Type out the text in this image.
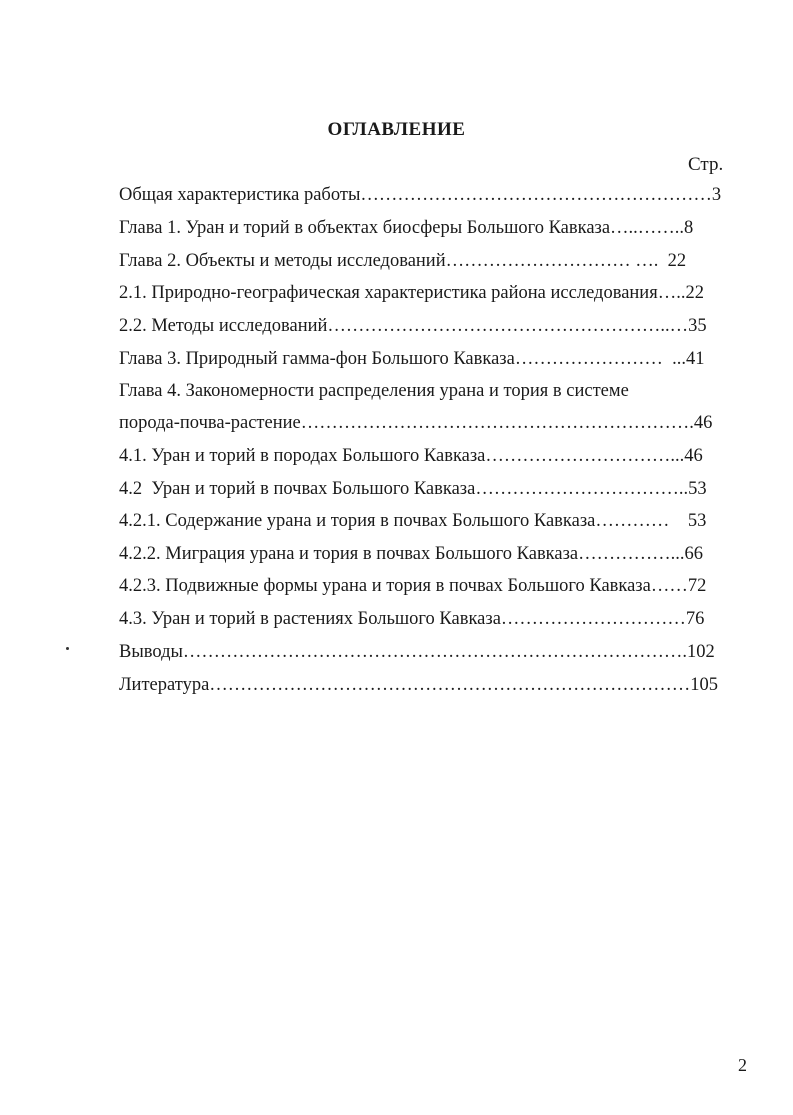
ОГЛАВЛЕНИЕ
Стр.
Общая характеристика работы…………………………………………………3
Глава 1. Уран и торий в объектах биосферы Большого Кавказа…..……..8
Глава 2. Объекты и методы исследований………………………… ….  22
2.1. Природно-географическая характеристика района исследования…..22
2.2. Методы исследований………………………………………………..…35
Глава 3. Природный гамма-фон Большого Кавказа……………………  ...41
Глава 4. Закономерности распределения урана и тория в системе
порода-почва-растение……………………………………………………….46
4.1. Уран и торий в породах Большого Кавказа…………………………...46
4.2  Уран и торий в почвах Большого Кавказа……………………………..53
4.2.1. Содержание урана и тория в почвах Большого Кавказа…………    53
4.2.2. Миграция урана и тория в почвах Большого Кавказа……………...66
4.2.3. Подвижные формы урана и тория в почвах Большого Кавказа……72
4.3. Уран и торий в растениях Большого Кавказа…………………………76
Выводы……………………………………………………………………….102
Литература……………………………………………………………………105
2
